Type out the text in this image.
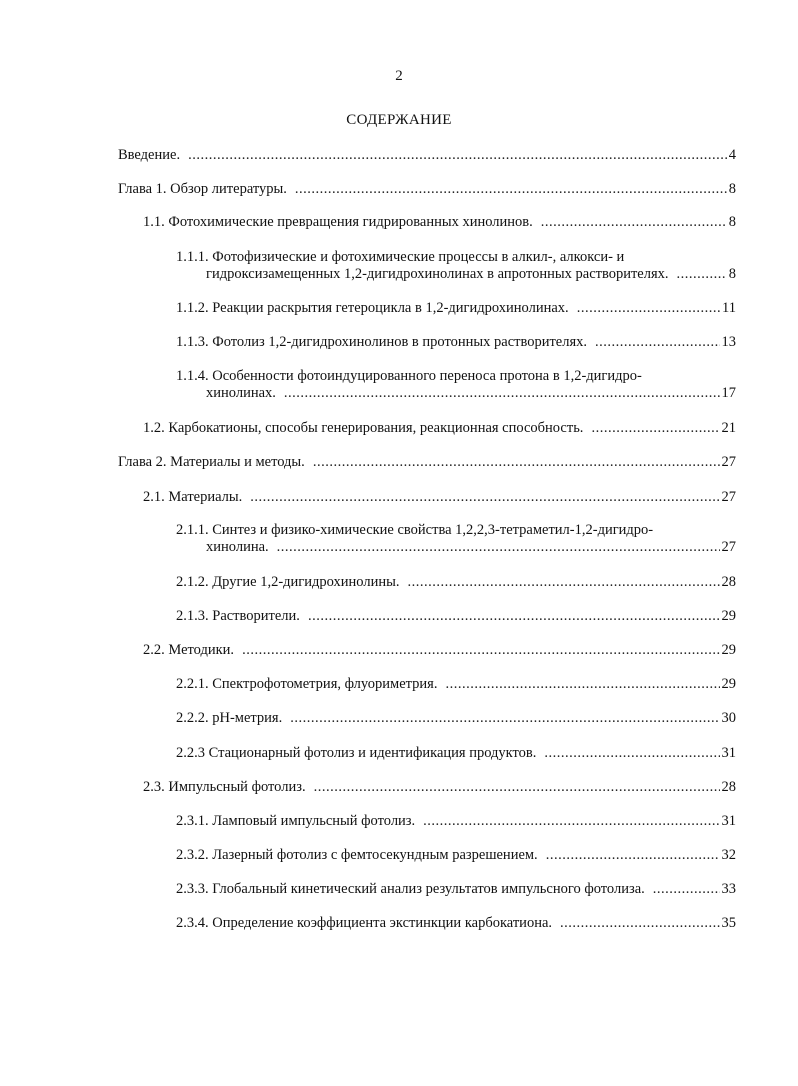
2
СОДЕРЖАНИЕ
Введение. .....	4
Глава 1. Обзор литературы. .....	8
1.1. Фотохимические превращения гидрированных хинолинов. .....	8
1.1.1. Фотофизические и фотохимические процессы в алкил-, алкокси- и
гидроксизамещенных 1,2-дигидрохинолинах в апротонных растворителях. .....	8
1.1.2. Реакции раскрытия гетероцикла в 1,2-дигидрохинолинах. .....	11
1.1.3. Фотолиз 1,2-дигидрохинолинов в протонных растворителях. .....	13
1.1.4. Особенности фотоиндуцированного переноса протона в 1,2-дигидро-
хинолинах. .....	17
1.2. Карбокатионы, способы генерирования, реакционная способность. .....	21
Глава 2. Материалы и методы. .....	27
2.1. Материалы. .....	27
2.1.1. Синтез и физико-химические свойства 1,2,2,3-тетраметил-1,2-дигидро-
хинолина. .....	27
2.1.2. Другие 1,2-дигидрохинолины. .....	28
2.1.3. Растворители. .....	29
2.2. Методики. .....	29
2.2.1. Спектрофотометрия, флуориметрия. .....	29
2.2.2. рН-метрия. .....	30
2.2.3 Стационарный фотолиз и идентификация продуктов. .....	31
2.3. Импульсный фотолиз. .....	28
2.3.1. Ламповый импульсный фотолиз. .....	31
2.3.2. Лазерный фотолиз с фемтосекундным разрешением. .....	32
2.3.3. Глобальный кинетический анализ результатов импульсного фотолиза. .....	33
2.3.4. Определение коэффициента экстинкции карбокатиона. .....	35
